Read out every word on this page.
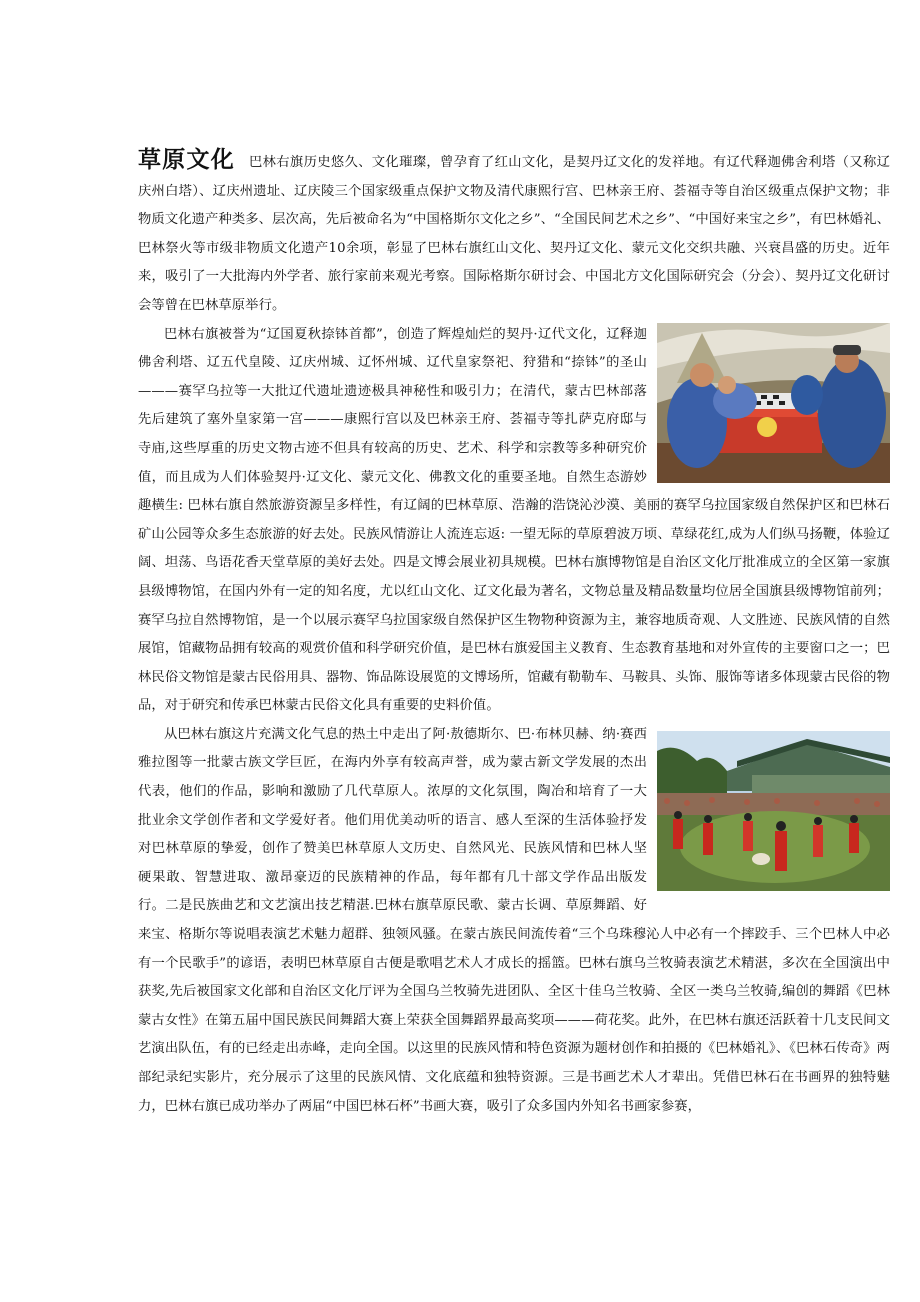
草原文化 巴林右旗历史悠久、文化璀璨，曾孕育了红山文化，是契丹辽文化的发祥地。有辽代释迦佛舍利塔（又称辽庆州白塔）、辽庆州遗址、辽庆陵三个国家级重点保护文物及清代康熙行宫、巴林亲王府、荟福寺等自治区级重点保护文物；非物质文化遗产种类多、层次高，先后被命名为“中国格斯尔文化之乡”、“全国民间艺术之乡”、“中国好来宝之乡”，有巴林婚礼、巴林祭火等市级非物质文化遗产10余项，彰显了巴林右旗红山文化、契丹辽文化、蒙元文化交织共融、兴衰昌盛的历史。近年来，吸引了一大批海内外学者、旅行家前来观光考察。国际格斯尔研讨会、中国北方文化国际研究会（分会）、契丹辽文化研讨会等曾在巴林草原举行。

巴林右旗被誉为“辽国夏秋捺钵首都”，创造了辉煌灿烂的契丹·辽代文化，辽释迦佛舍利塔、辽五代皇陵、辽庆州城、辽怀州城、辽代皇家祭祀、狩猎和“捺钵”的圣山———赛罕乌拉等一大批辽代遗址遗迹极具神秘性和吸引力；在清代，蒙古巴林部落先后建筑了塞外皇家第一宫———康熙行宫以及巴林亲王府、荟福寺等扎萨克府邸与寺庙,这些厚重的历史文物古迹不但具有较高的历史、艺术、科学和宗教等多种研究价值，而且成为人们体验契丹·辽文化、蒙元文化、佛教文化的重要圣地。自然生态游妙趣横生: 巴林右旗自然旅游资源呈多样性，有辽阔的巴林草原、浩瀚的浩饶沁沙漠、美丽的赛罕乌拉国家级自然保护区和巴林石矿山公园等众多生态旅游的好去处。民族风情游让人流连忘返: 一望无际的草原碧波万顷、草绿花红,成为人们纵马扬鞭，体验辽阔、坦荡、鸟语花香天堂草原的美好去处。四是文博会展业初具规模。巴林右旗博物馆是自治区文化厅批准成立的全区第一家旗县级博物馆，在国内外有一定的知名度，尤以红山文化、辽文化最为著名，文物总量及精品数量均位居全国旗县级博物馆前列；赛罕乌拉自然博物馆，是一个以展示赛罕乌拉国家级自然保护区生物物种资源为主，兼容地质奇观、人文胜迹、民族风情的自然展馆，馆藏物品拥有较高的观赏价值和科学研究价值，是巴林右旗爱国主义教育、生态教育基地和对外宣传的主要窗口之一；巴林民俗文物馆是蒙古民俗用具、器物、饰品陈设展览的文博场所，馆藏有勒勒车、马鞍具、头饰、服饰等诸多体现蒙古民俗的物品，对于研究和传承巴林蒙古民俗文化具有重要的史料价值。

从巴林右旗这片充满文化气息的热土中走出了阿·敖德斯尔、巴·布林贝赫、纳·赛西雅拉图等一批蒙古族文学巨匠，在海内外享有较高声誉，成为蒙古新文学发展的杰出代表，他们的作品，影响和激励了几代草原人。浓厚的文化氛围，陶冶和培育了一大批业余文学创作者和文学爱好者。他们用优美动听的语言、感人至深的生活体验抒发对巴林草原的挚爱，创作了赞美巴林草原人文历史、自然风光、民族风情和巴林人坚硬果敢、智慧进取、激昂豪迈的民族精神的作品，每年都有几十部文学作品出版发行。二是民族曲艺和文艺演出技艺精湛.巴林右旗草原民歌、蒙古长调、草原舞蹈、好来宝、格斯尔等说唱表演艺术魅力超群、独领风骚。在蒙古族民间流传着“三个乌珠穆沁人中必有一个摔跤手、三个巴林人中必有一个民歌手”的谚语，表明巴林草原自古便是歌唱艺术人才成长的摇篮。巴林右旗乌兰牧骑表演艺术精湛，多次在全国演出中获奖,先后被国家文化部和自治区文化厅评为全国乌兰牧骑先进团队、全区十佳乌兰牧骑、全区一类乌兰牧骑,编创的舞蹈《巴林蒙古女性》在第五届中国民族民间舞蹈大赛上荣获全国舞蹈界最高奖项———荷花奖。此外，在巴林右旗还活跃着十几支民间文艺演出队伍，有的已经走出赤峰，走向全国。以这里的民族风情和特色资源为题材创作和拍摄的《巴林婚礼》、《巴林石传奇》两部纪录纪实影片，充分展示了这里的民族风情、文化底蕴和独特资源。三是书画艺术人才辈出。凭借巴林石在书画界的独特魅力，巴林右旗已成功举办了两届“中国巴林石杯”书画大赛，吸引了众多国内外知名书画家参赛，
